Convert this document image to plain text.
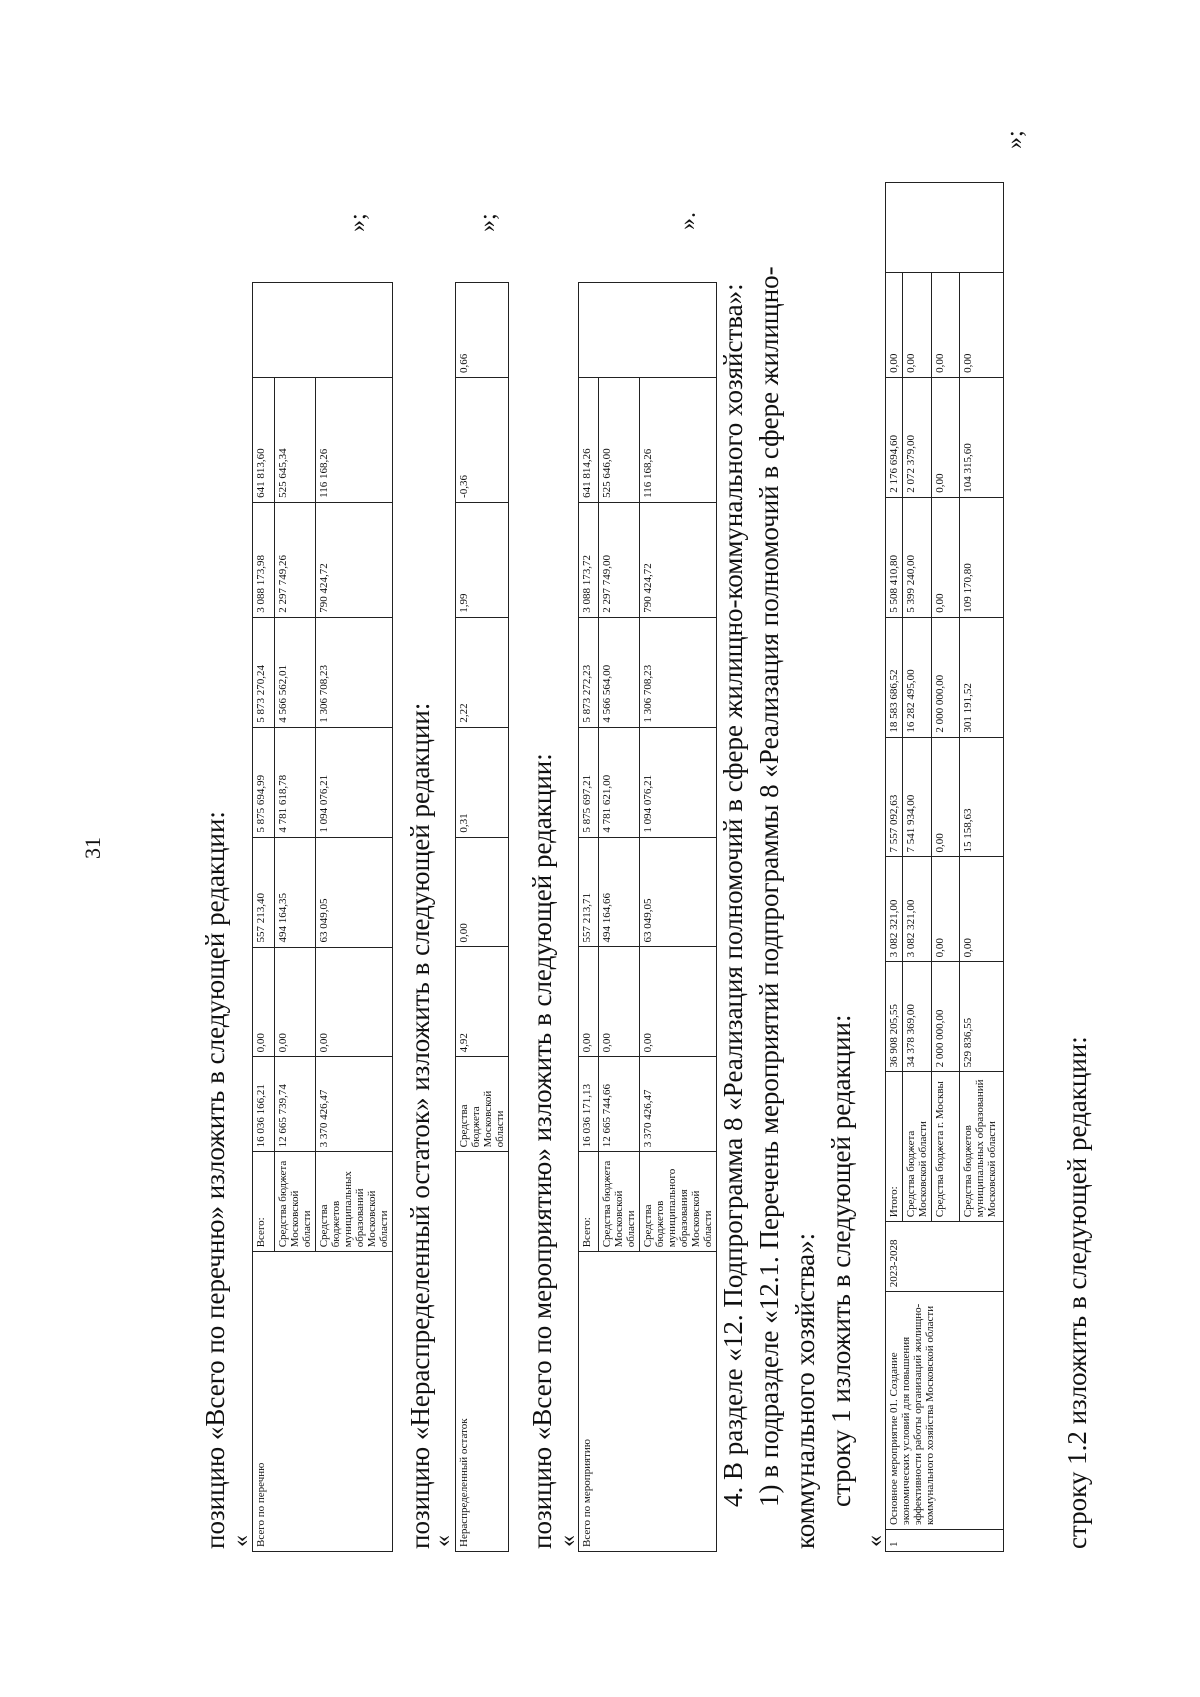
31	позицию «Всего по перечню» изложить в следующей редакции:
« Всего по перечню	Всего:	16 036 166,21	0,00	557 213,40	5 875 694,99	5 873 270,24	3 088 173,98	641 813,60	
	Средства бюджета Московской области	12 665 739,74	0,00	494 164,35	4 781 618,78	4 566 562,01	2 297 749,26	525 645,34	
	Средства бюджетов муниципальных образований Московской области	3 370 426,47	0,00	63 049,05	1 094 076,21	1 306 708,23	790 424,72	116 168,26	
»;
позицию «Нераспределенный остаток» изложить в следующей редакции:
« Нераспределенный остаток	Средства бюджета Московской области	4,92	0,00	0,31	2,22	1,99	-0,36	0,66
»;
позицию «Всего по мероприятию» изложить в следующей редакции:
« Всего по мероприятию	Всего:	16 036 171,13	0,00	557 213,71	5 875 697,21	5 873 272,23	3 088 173,72	641 814,26	
	Средства бюджета Московской области	12 665 744,66	0,00	494 164,66	4 781 621,00	4 566 564,00	2 297 749,00	525 646,00	
	Средства бюджетов муниципального образования Московской области	3 370 426,47	0,00	63 049,05	1 094 076,21	1 306 708,23	790 424,72	116 168,26	
».
4. В разделе «12. Подпрограмма 8 «Реализация полномочий в сфере жилищно-коммунального хозяйства»: 1) в подразделе «12.1. Перечень мероприятий подпрограммы 8 «Реализация полномочий в сфере жилищно- коммунального хозяйства»: строку 1 изложить в следующей редакции:
« 1	Основное мероприятие 01. Создание экономических условий для повышения эффективности работы организаций жилищно-коммунального хозяйства Московской области	2023-2028	Итого:	36 908 205,55	3 082 321,00	7 557 092,63	18 583 686,52	5 508 410,80	2 176 694,60	0,00	
			Средства бюджета Московской области	34 378 369,00	3 082 321,00	7 541 934,00	16 282 495,00	5 399 240,00	2 072 379,00	0,00	
			Средства бюджета г. Москвы	2 000 000,00	0,00	0,00	2 000 000,00	0,00	0,00	0,00	
			Средства бюджетов муниципальных образований Московской области	529 836,55	0,00	15 158,63	301 191,52	109 170,80	104 315,60	0,00	
»;
строку 1.2 изложить в следующей редакции:
